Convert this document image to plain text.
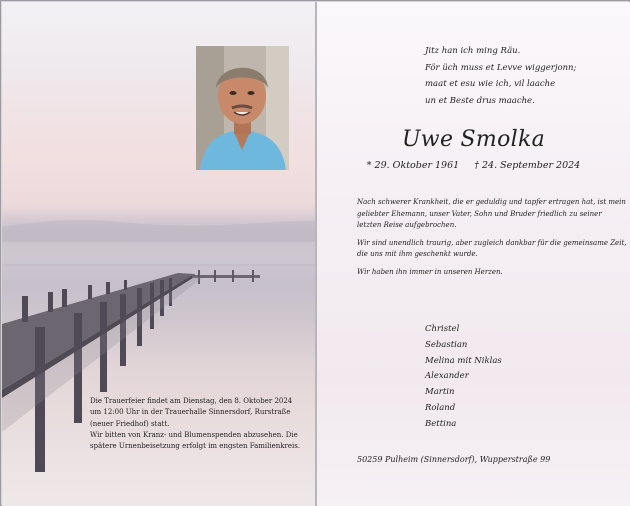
Die Trauerfeier findet am Dienstag, den 8. Oktober 2024 um 12:00 Uhr in der Trauerhalle Sinnersdorf, Rurstraße (neuer Friedhof) statt.

Wir bitten von Kranz- und Blumenspenden abzusehen. Die spätere Urnenbeisetzung erfolgt im engsten Familienkreis.

Jitz han ich ming Räu.
För üch muss et Levve wiggerjonn;
maat et esu wie ich, vil laache
un et Beste drus maache.
Uwe Smolka
* 29. Oktober 1961 † 24. September 2024

Nach schwerer Krankheit, die er geduldig und tapfer ertragen hat, ist mein geliebter Ehemann, unser Vater, Sohn und Bruder friedlich zu seiner letzten Reise aufgebrochen.

Wir sind unendlich traurig, aber zugleich dankbar für die gemeinsame Zeit, die uns mit ihm geschenkt wurde.

Wir haben ihn immer in unseren Herzen.

Christel
Sebastian
Melina mit Niklas
Alexander
Martin
Roland
Bettina
50259 Pulheim (Sinnersdorf), Wupperstraße 99
